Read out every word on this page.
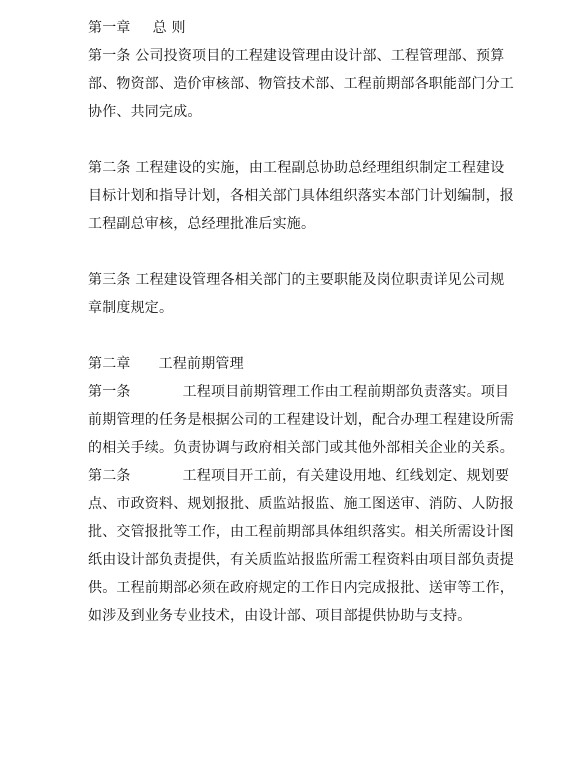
第一章 总 则
第一条 公司投资项目的工程建设管理由设计部、工程管理部、预算
部、物资部、造价审核部、物管技术部、工程前期部各职能部门分工
协作、共同完成。
第二条 工程建设的实施，由工程副总协助总经理组织制定工程建设
目标计划和指导计划，各相关部门具体组织落实本部门计划编制，报
工程副总审核，总经理批准后实施。
第三条 工程建设管理各相关部门的主要职能及岗位职责详见公司规
章制度规定。
第二章 工程前期管理
第一条	工程项目前期管理工作由工程前期部负责落实。项目
前期管理的任务是根据公司的工程建设计划，配合办理工程建设所需
的相关手续。负责协调与政府相关部门或其他外部相关企业的关系。
第二条	工程项目开工前，有关建设用地、红线划定、规划要
点、市政资料、规划报批、质监站报监、施工图送审、消防、人防报
批、交管报批等工作，由工程前期部具体组织落实。相关所需设计图
纸由设计部负责提供，有关质监站报监所需工程资料由项目部负责提
供。工程前期部必须在政府规定的工作日内完成报批、送审等工作，
如涉及到业务专业技术，由设计部、项目部提供协助与支持。
